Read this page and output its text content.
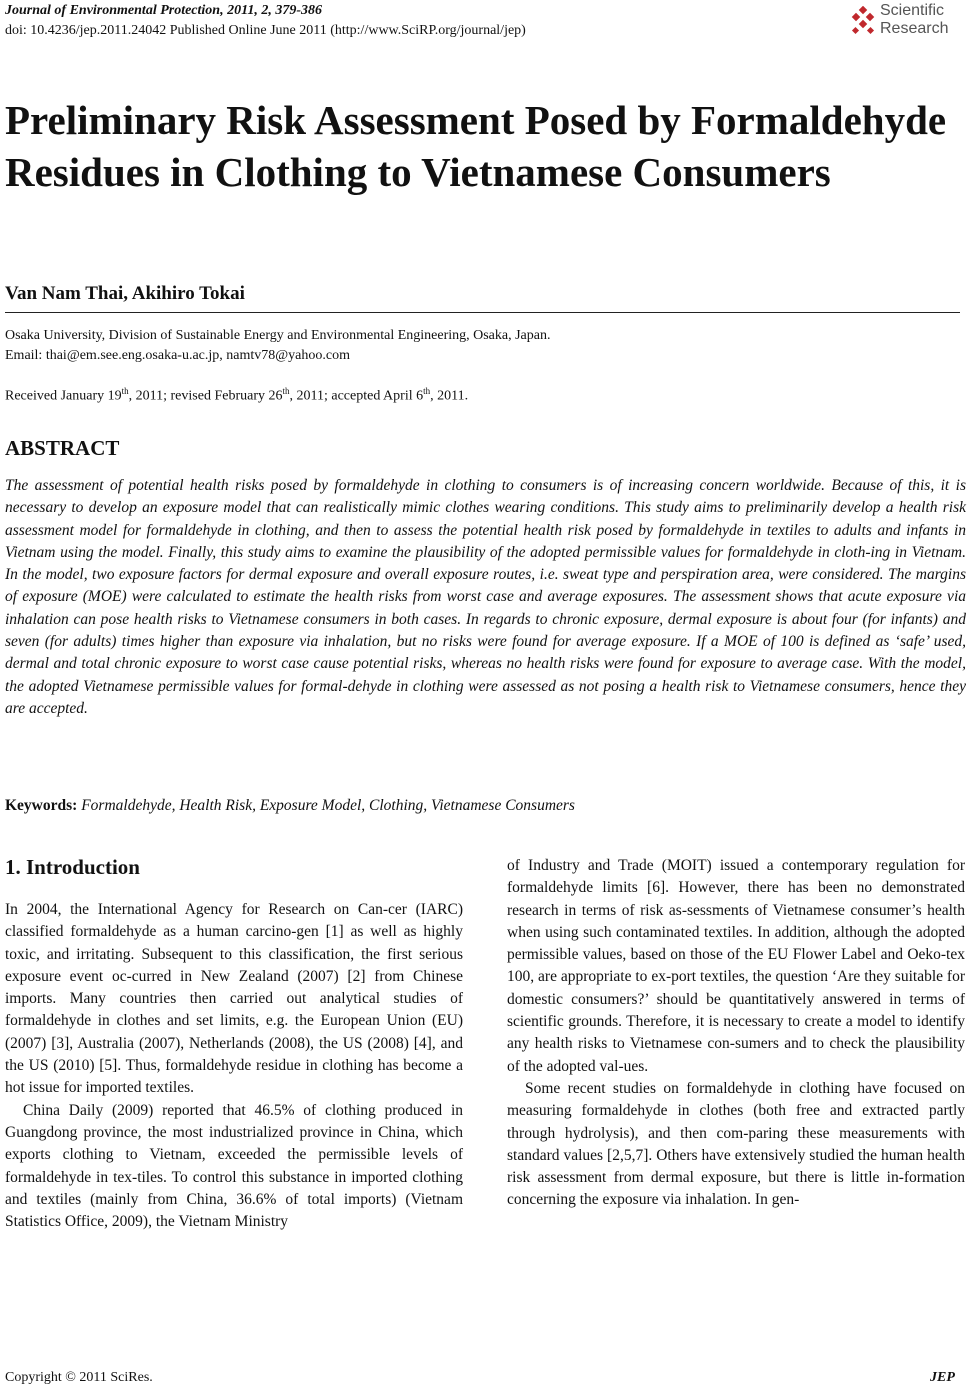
Journal of Environmental Protection, 2011, 2, 379-386
doi: 10.4236/jep.2011.24042 Published Online June 2011 (http://www.SciRP.org/journal/jep)
Scientific
Research
Preliminary Risk Assessment Posed by Formaldehyde Residues in Clothing to Vietnamese Consumers
Van Nam Thai, Akihiro Tokai
Osaka University, Division of Sustainable Energy and Environmental Engineering, Osaka, Japan.
Email: thai@em.see.eng.osaka-u.ac.jp, namtv78@yahoo.com
Received January 19th, 2011; revised February 26th, 2011; accepted April 6th, 2011.
ABSTRACT
The assessment of potential health risks posed by formaldehyde in clothing to consumers is of increasing concern worldwide. Because of this, it is necessary to develop an exposure model that can realistically mimic clothes wearing conditions. This study aims to preliminarily develop a health risk assessment model for formaldehyde in clothing, and then to assess the potential health risk posed by formaldehyde in textiles to adults and infants in Vietnam using the model. Finally, this study aims to examine the plausibility of the adopted permissible values for formaldehyde in cloth-ing in Vietnam. In the model, two exposure factors for dermal exposure and overall exposure routes, i.e. sweat type and perspiration area, were considered. The margins of exposure (MOE) were calculated to estimate the health risks from worst case and average exposures. The assessment shows that acute exposure via inhalation can pose health risks to Vietnamese consumers in both cases. In regards to chronic exposure, dermal exposure is about four (for infants) and seven (for adults) times higher than exposure via inhalation, but no risks were found for average exposure. If a MOE of 100 is defined as ‘safe’ used, dermal and total chronic exposure to worst case cause potential risks, whereas no health risks were found for exposure to average case. With the model, the adopted Vietnamese permissible values for formal-dehyde in clothing were assessed as not posing a health risk to Vietnamese consumers, hence they are accepted.
Keywords: Formaldehyde, Health Risk, Exposure Model, Clothing, Vietnamese Consumers
1. Introduction

In 2004, the International Agency for Research on Can-cer (IARC) classified formaldehyde as a human carcino-gen [1] as well as highly toxic, and irritating. Subsequent to this classification, the first serious exposure event oc-curred in New Zealand (2007) [2] from Chinese imports. Many countries then carried out analytical studies of formaldehyde in clothes and set limits, e.g. the European Union (EU) (2007) [3], Australia (2007), Netherlands (2008), the US (2008) [4], and the US (2010) [5]. Thus, formaldehyde residue in clothing has become a hot issue for imported textiles.

China Daily (2009) reported that 46.5% of clothing produced in Guangdong province, the most industrialized province in China, which exports clothing to Vietnam, exceeded the permissible levels of formaldehyde in tex-tiles. To control this substance in imported clothing and textiles (mainly from China, 36.6% of total imports) (Vietnam Statistics Office, 2009), the Vietnam Ministry

of Industry and Trade (MOIT) issued a contemporary regulation for formaldehyde limits [6]. However, there has been no demonstrated research in terms of risk as-sessments of Vietnamese consumer’s health when using such contaminated textiles. In addition, although the adopted permissible values, based on those of the EU Flower Label and Oeko-tex 100, are appropriate to ex-port textiles, the question ‘Are they suitable for domestic consumers?’ should be quantitatively answered in terms of scientific grounds. Therefore, it is necessary to create a model to identify any health risks to Vietnamese con-sumers and to check the plausibility of the adopted val-ues.

Some recent studies on formaldehyde in clothing have focused on measuring formaldehyde in clothes (both free and extracted partly through hydrolysis), and then com-paring these measurements with standard values [2,5,7]. Others have extensively studied the human health risk assessment from dermal exposure, but there is little in-formation concerning the exposure via inhalation. In gen-

Copyright © 2011 SciRes.	JEP
